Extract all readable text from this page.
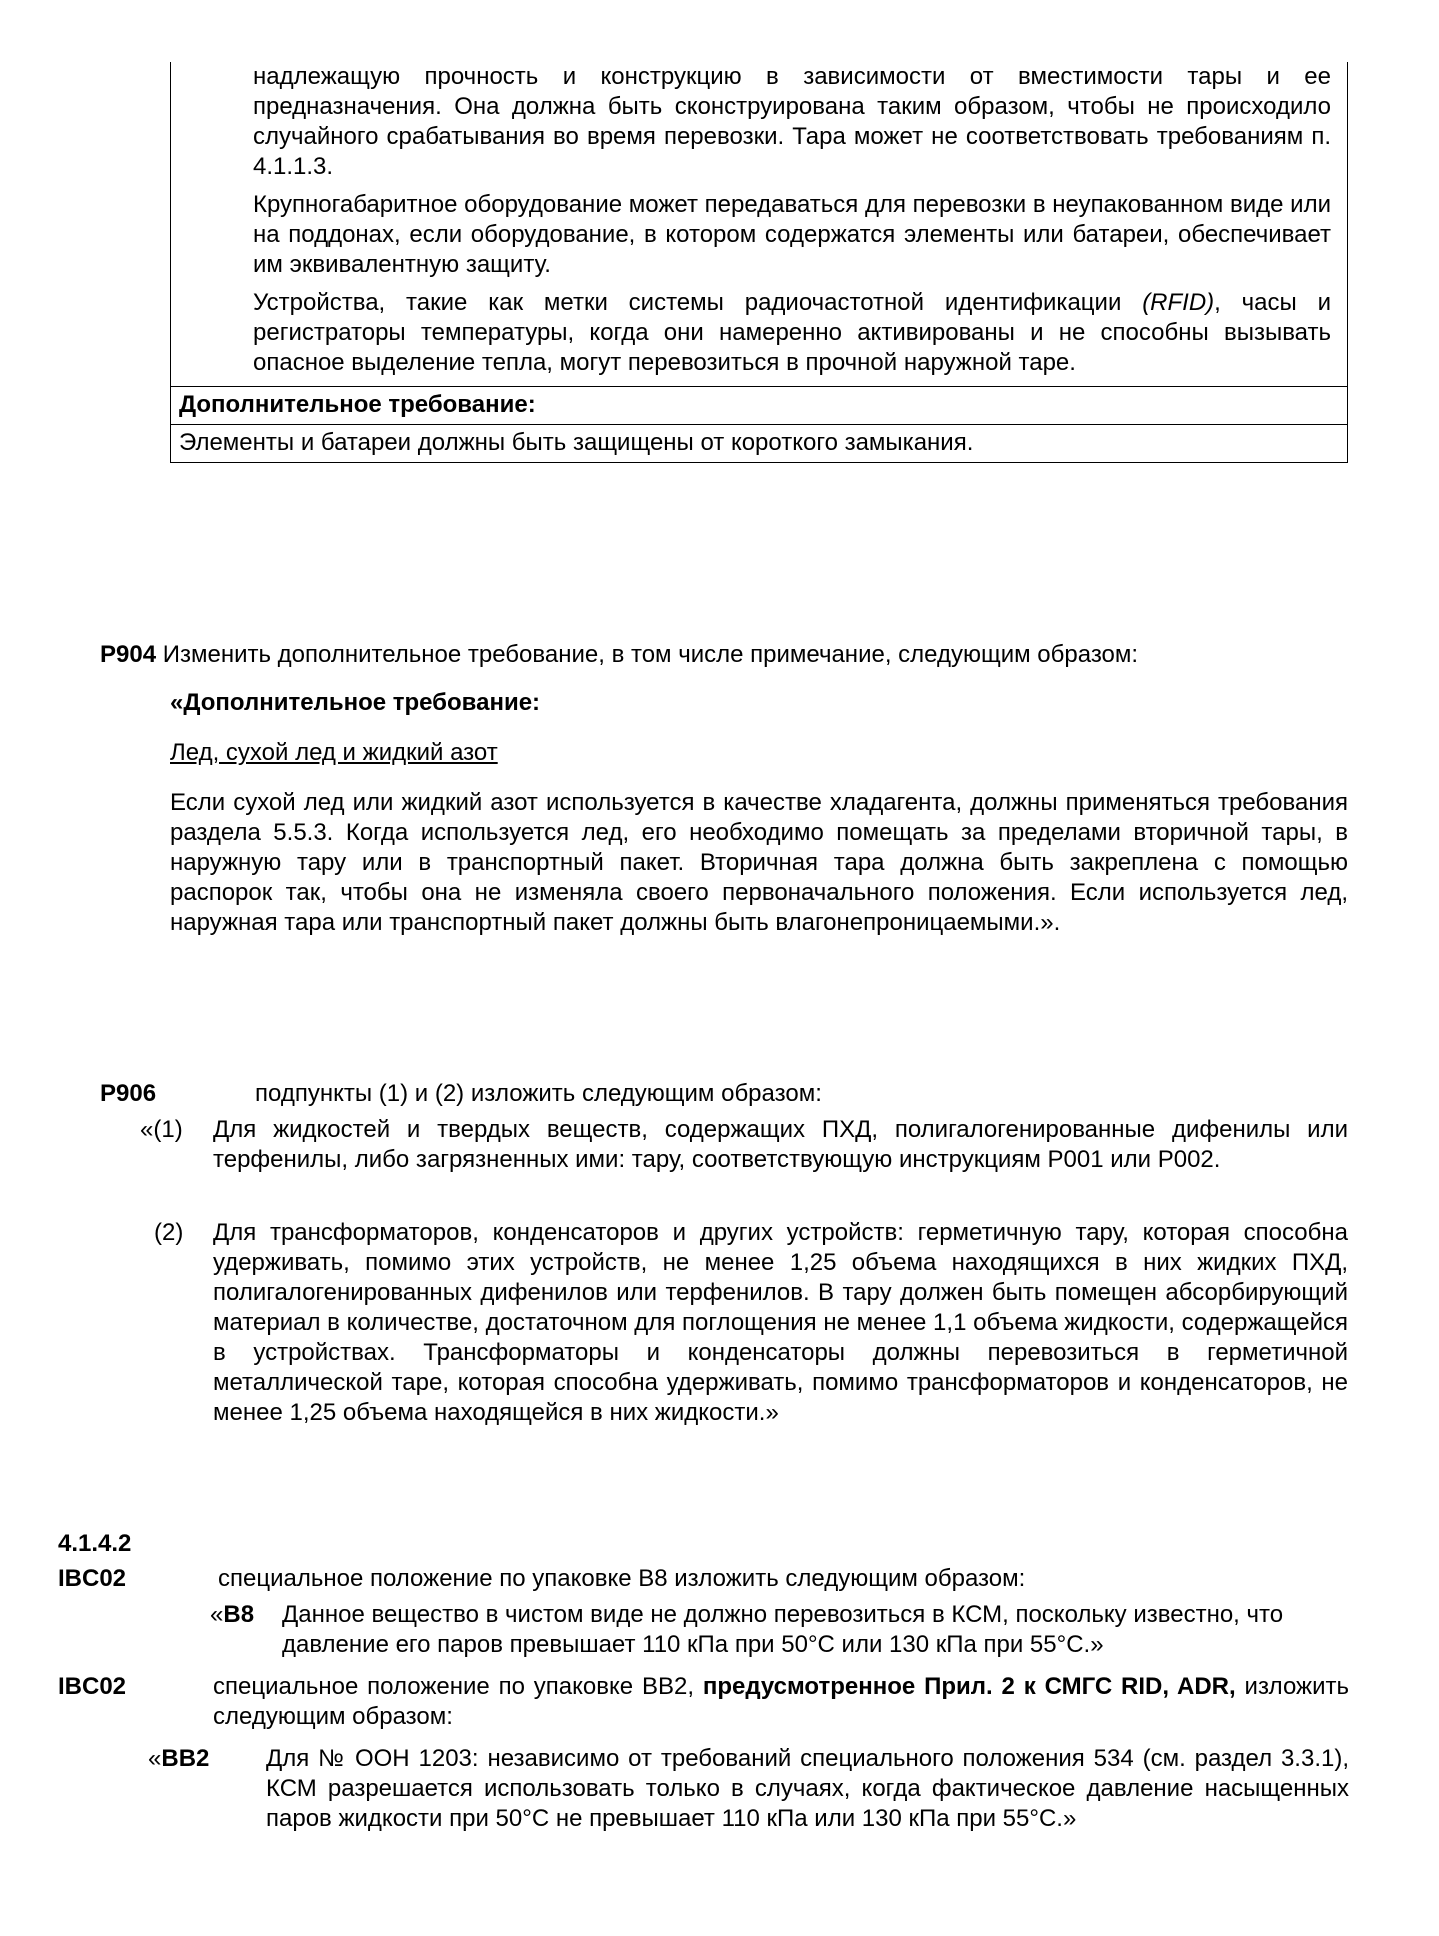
надлежащую прочность и конструкцию в зависимости от вместимости тары и ее предназначения. Она должна быть сконструирована таким образом, чтобы не происходило случайного срабатывания во время перевозки. Тара может не соответствовать требованиям п. 4.1.1.3.

Крупногабаритное оборудование может передаваться для перевозки в неупакованном виде или на поддонах, если оборудование, в котором содержатся элементы или батареи, обеспечивает им эквивалентную защиту.

Устройства, такие как метки системы радиочастотной идентификации (RFID), часы и регистраторы температуры, когда они намеренно активированы и не способны вызывать опасное выделение тепла, могут перевозиться в прочной наружной таре.

Дополнительное требование:
Элементы и батареи должны быть защищены от короткого замыкания.
P904 Изменить дополнительное требование, в том числе примечание, следующим образом:
«Дополнительное требование:
Лед, сухой лед и жидкий азот

Если сухой лед или жидкий азот используется в качестве хладагента, должны применяться требования раздела 5.5.3. Когда используется лед, его необходимо помещать за пределами вторичной тары, в наружную тару или в транспортный пакет. Вторичная тара должна быть закреплена с помощью распорок так, чтобы она не изменяла своего первоначального положения. Если используется лед, наружная тара или транспортный пакет должны быть влагонепроницаемыми.».

P906	подпункты (1) и (2) изложить следующим образом:
«(1) Для жидкостей и твердых веществ, содержащих ПХД, полигалогенированные дифенилы или терфенилы, либо загрязненных ими: тару, соответствующую инструкциям Р001 или Р002.

(2) Для трансформаторов, конденсаторов и других устройств: герметичную тару, которая способна удерживать, помимо этих устройств, не менее 1,25 объема находящихся в них жидких ПХД, полигалогенированных дифенилов или терфенилов. В тару должен быть помещен абсорбирующий материал в количестве, достаточном для поглощения не менее 1,1 объема жидкости, содержащейся в устройствах. Трансформаторы и конденсаторы должны перевозиться в герметичной металлической таре, которая способна удерживать, помимо трансформаторов и конденсаторов, не менее 1,25 объема находящейся в них жидкости.»

4.1.4.2
IBC02	специальное положение по упаковке В8 изложить следующим образом:
«B8 Данное вещество в чистом виде не должно перевозиться в КСМ, поскольку известно, что давление его паров превышает 110 кПа при 50°С или 130 кПа при 55°С.»

IBC02	специальное положение по упаковке ВВ2, предусмотренное Прил. 2 к СМГС RID, ADR, изложить следующим образом:

«BB2 Для № ООН 1203: независимо от требований специального положения 534 (см. раздел 3.3.1), КСМ разрешается использовать только в случаях, когда фактическое давление насыщенных паров жидкости при 50°С не превышает 110 кПа или 130 кПа при 55°С.»
